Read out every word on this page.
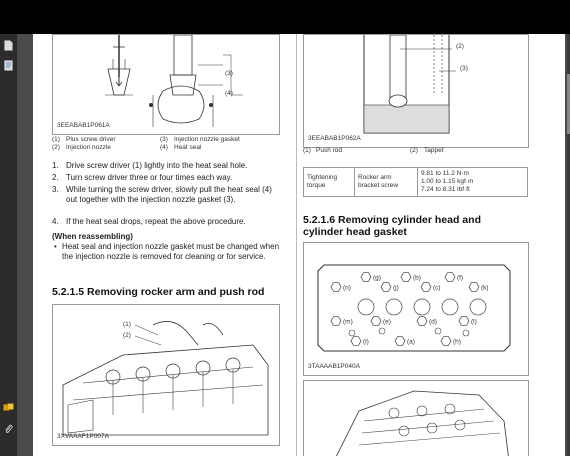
(3)
(4)
3EEABAB1P061A
(1) Plus screw driver	(3) Injection nozzle gasket
(2) Injection nozzle	(4) Heat seal
1. Drive screw driver (1) lightly into the heat seal hole.
2. Turn screw driver three or four times each way.
3. While turning the screw driver, slowly pull the heat seal (4) out together with the injection nozzle gasket (3).
4. If the heat seal drops, repeat the above procedure.
(When reassembling)
• Heat seal and injection nozzle gasket must be changed when the injection nozzle is removed for cleaning or for service.
5.2.1.5 Removing rocker arm and push rod
(1)
(2)
3XVAAAF1P007A
(2)
(3)
3EEABAB1P062A
(1) Push rod	(2) Tappet
Tightening torque	Rocker arm bracket screw	
9.81 to 11.2 N·m
1.00 to 1.15 kgf·m
7.24 to 8.31 lbf·ft
5.2.1.6 Removing cylinder head and cylinder head gasket
(g)	(b)	(f)
(n)	(j)	(c)	(k)
(m)	(e)	(d)	(l)
(i)	(a)	(h)
3TAAAAB1P040A
